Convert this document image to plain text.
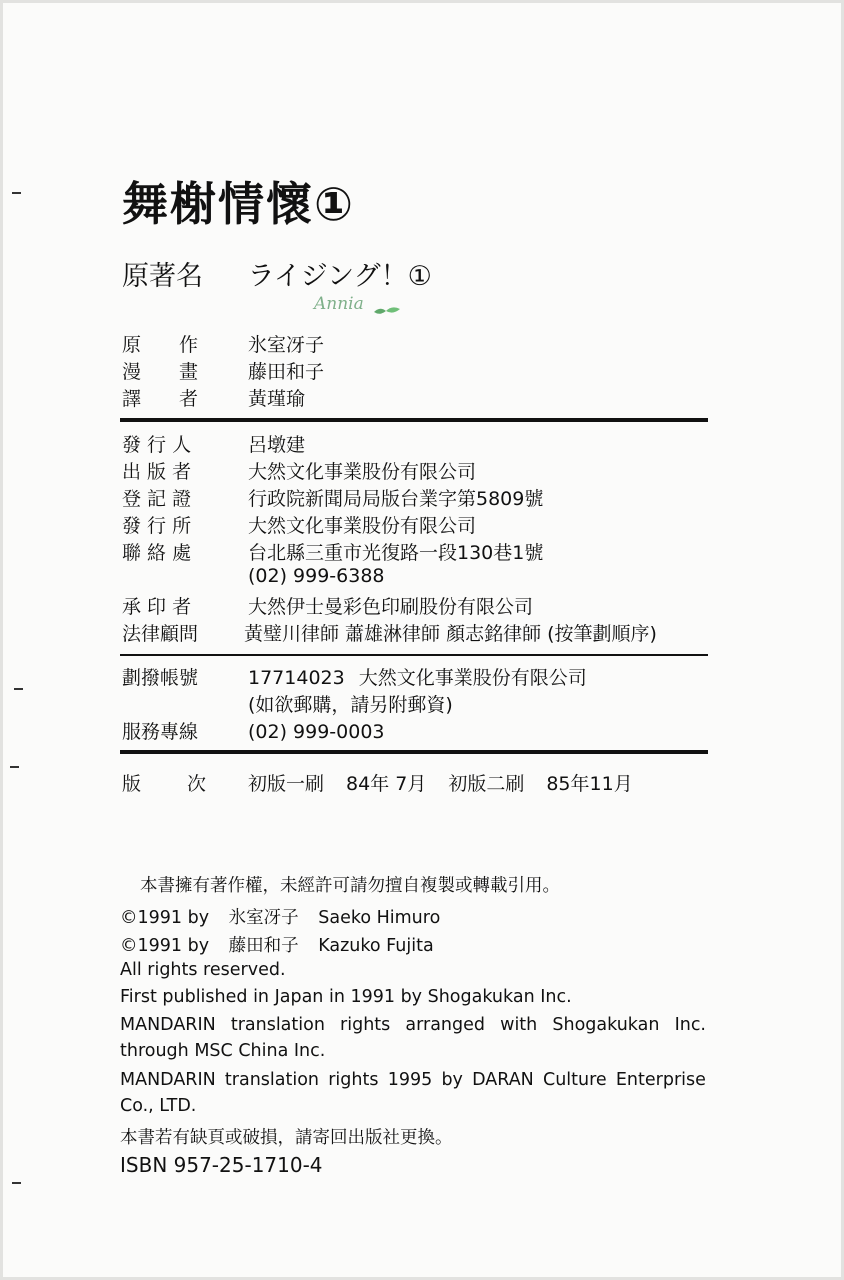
舞榭情懷①
原著名 ライジング！①
Annia
原　　作	氷室冴子
漫　　畫	藤田和子
譯　　者	黃瑾瑜
發 行 人	呂墩建
出 版 者	大然文化事業股份有限公司
登 記 證	行政院新聞局局版台業字第5809號
發 行 所	大然文化事業股份有限公司
聯 絡 處	台北縣三重市光復路一段130巷1號
(02) 999-6388
承 印 者	大然伊士曼彩色印刷股份有限公司
法律顧問 黃璧川律師 蕭雄淋律師 顏志銘律師 (按筆劃順序)
劃撥帳號	17714023 大然文化事業股份有限公司
(如欲郵購，請另附郵資)
服務專線	(02) 999-0003
版 次 初版一刷 84年 7月 初版二刷 85年11月
本書擁有著作權，未經許可請勿擅自複製或轉載引用。
©1991 by 氷室冴子 Saeko Himuro
©1991 by 藤田和子 Kazuko Fujita
All rights reserved.
First published in Japan in 1991 by Shogakukan Inc.
MANDARIN translation rights arranged with Shogakukan Inc.
through MSC China Inc.
MANDARIN translation rights 1995 by DARAN Culture Enterprise
Co., LTD.
本書若有缺頁或破損，請寄回出版社更換。
ISBN 957-25-1710-4
